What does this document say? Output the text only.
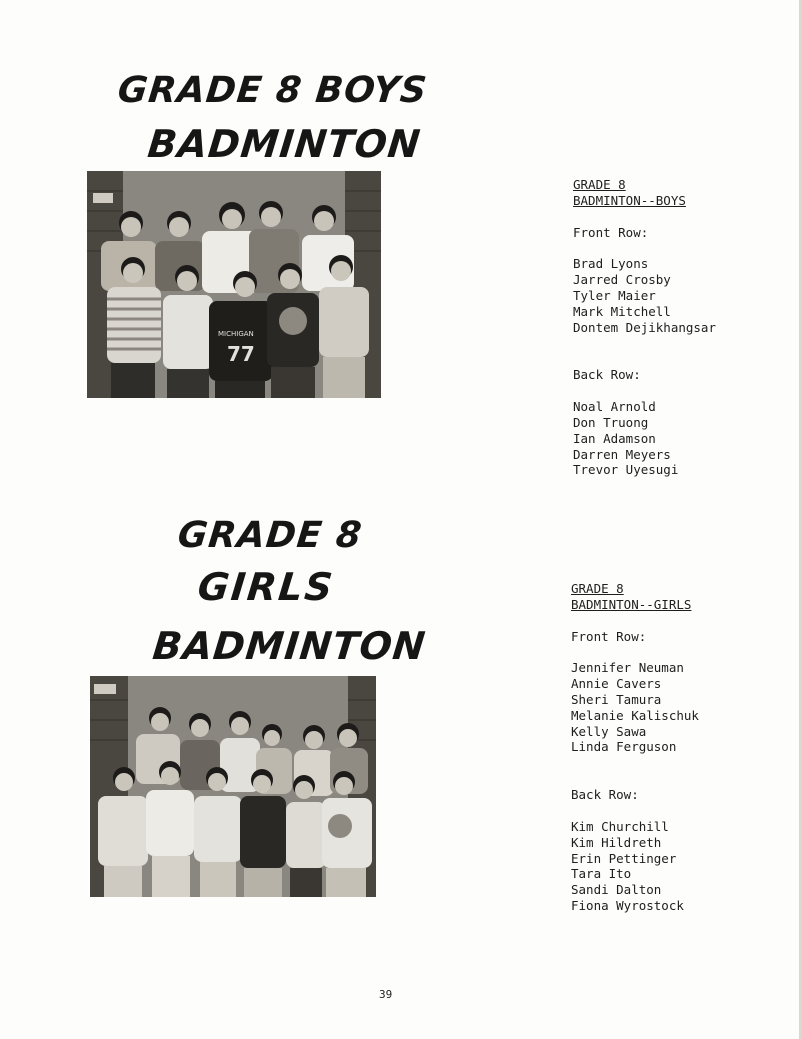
GRADE 8 BOYS
BADMINTON
MICHIGAN
77
GRADE 8
BADMINTON--BOYS
Front Row:
Brad Lyons
Jarred Crosby
Tyler Maier
Mark Mitchell
Dontem Dejikhangsar
Back Row:
Noal Arnold
Don Truong
Ian Adamson
Darren Meyers
Trevor Uyesugi
GRADE 8
GIRLS
BADMINTON
GRADE 8
BADMINTON--GIRLS
Front Row:
Jennifer Neuman
Annie Cavers
Sheri Tamura
Melanie Kalischuk
Kelly Sawa
Linda Ferguson
Back Row:
Kim Churchill
Kim Hildreth
Erin Pettinger
Tara Ito
Sandi Dalton
Fiona Wyrostock
39
